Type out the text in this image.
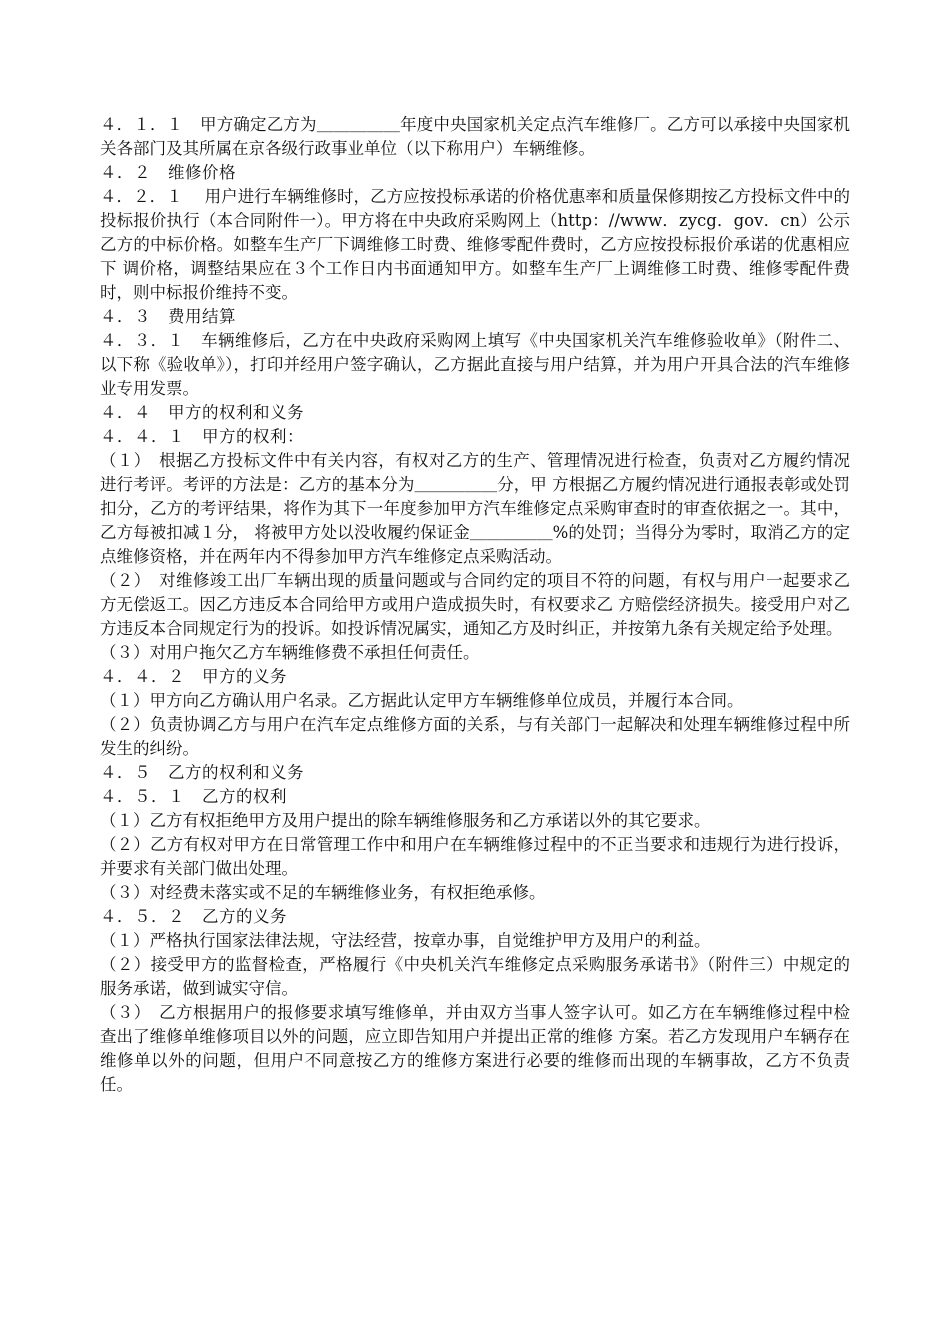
４．１．１　甲方确定乙方为＿＿＿＿＿年度中央国家机关定点汽车维修厂。乙方可以承接中央国家机关各部门及其所属在京各级行政事业单位（以下称用户）车辆维修。

４．２　维修价格

４．２．１　 用户进行车辆维修时，乙方应按投标承诺的价格优惠率和质量保修期按乙方投标文件中的投标报价执行（本合同附件一）。甲方将在中央政府采购网上（http：//www．zycg．gov．cn）公示乙方的中标价格。如整车生产厂下调维修工时费、维修零配件费时，乙方应按投标报价承诺的优惠相应下 调价格，调整结果应在３个工作日内书面通知甲方。如整车生产厂上调维修工时费、维修零配件费时，则中标报价维持不变。

４．３　费用结算

４．３．１　车辆维修后，乙方在中央政府采购网上填写《中央国家机关汽车维修验收单》（附件二、以下称《验收单》），打印并经用户签字确认，乙方据此直接与用户结算，并为用户开具合法的汽车维修业专用发票。

４．４　甲方的权利和义务

４．４．１　甲方的权利：

（１）　根据乙方投标文件中有关内容，有权对乙方的生产、管理情况进行检查，负责对乙方履约情况进行考评。考评的方法是：乙方的基本分为＿＿＿＿＿分，甲 方根据乙方履约情况进行通报表彰或处罚扣分，乙方的考评结果，将作为其下一年度参加甲方汽车维修定点采购审查时的审查依据之一。其中，乙方每被扣减１分， 将被甲方处以没收履约保证金＿＿＿＿＿%的处罚；当得分为零时，取消乙方的定点维修资格，并在两年内不得参加甲方汽车维修定点采购活动。

（２）　对维修竣工出厂车辆出现的质量问题或与合同约定的项目不符的问题，有权与用户一起要求乙方无偿返工。因乙方违反本合同给甲方或用户造成损失时，有权要求乙 方赔偿经济损失。接受用户对乙方违反本合同规定行为的投诉。如投诉情况属实，通知乙方及时纠正，并按第九条有关规定给予处理。

（３）对用户拖欠乙方车辆维修费不承担任何责任。

４．４．２　甲方的义务

（１）甲方向乙方确认用户名录。乙方据此认定甲方车辆维修单位成员，并履行本合同。

（２）负责协调乙方与用户在汽车定点维修方面的关系，与有关部门一起解决和处理车辆维修过程中所发生的纠纷。

４．５　乙方的权利和义务

４．５．１　乙方的权利

（１）乙方有权拒绝甲方及用户提出的除车辆维修服务和乙方承诺以外的其它要求。

（２）乙方有权对甲方在日常管理工作中和用户在车辆维修过程中的不正当要求和违规行为进行投诉，并要求有关部门做出处理。

（３）对经费未落实或不足的车辆维修业务，有权拒绝承修。

４．５．２　乙方的义务

（１）严格执行国家法律法规，守法经营，按章办事，自觉维护甲方及用户的利益。

（２）接受甲方的监督检查，严格履行《中央机关汽车维修定点采购服务承诺书》（附件三）中规定的服务承诺，做到诚实守信。

（３）　乙方根据用户的报修要求填写维修单，并由双方当事人签字认可。如乙方在车辆维修过程中检查出了维修单维修项目以外的问题，应立即告知用户并提出正常的维修 方案。若乙方发现用户车辆存在维修单以外的问题，但用户不同意按乙方的维修方案进行必要的维修而出现的车辆事故，乙方不负责任。
